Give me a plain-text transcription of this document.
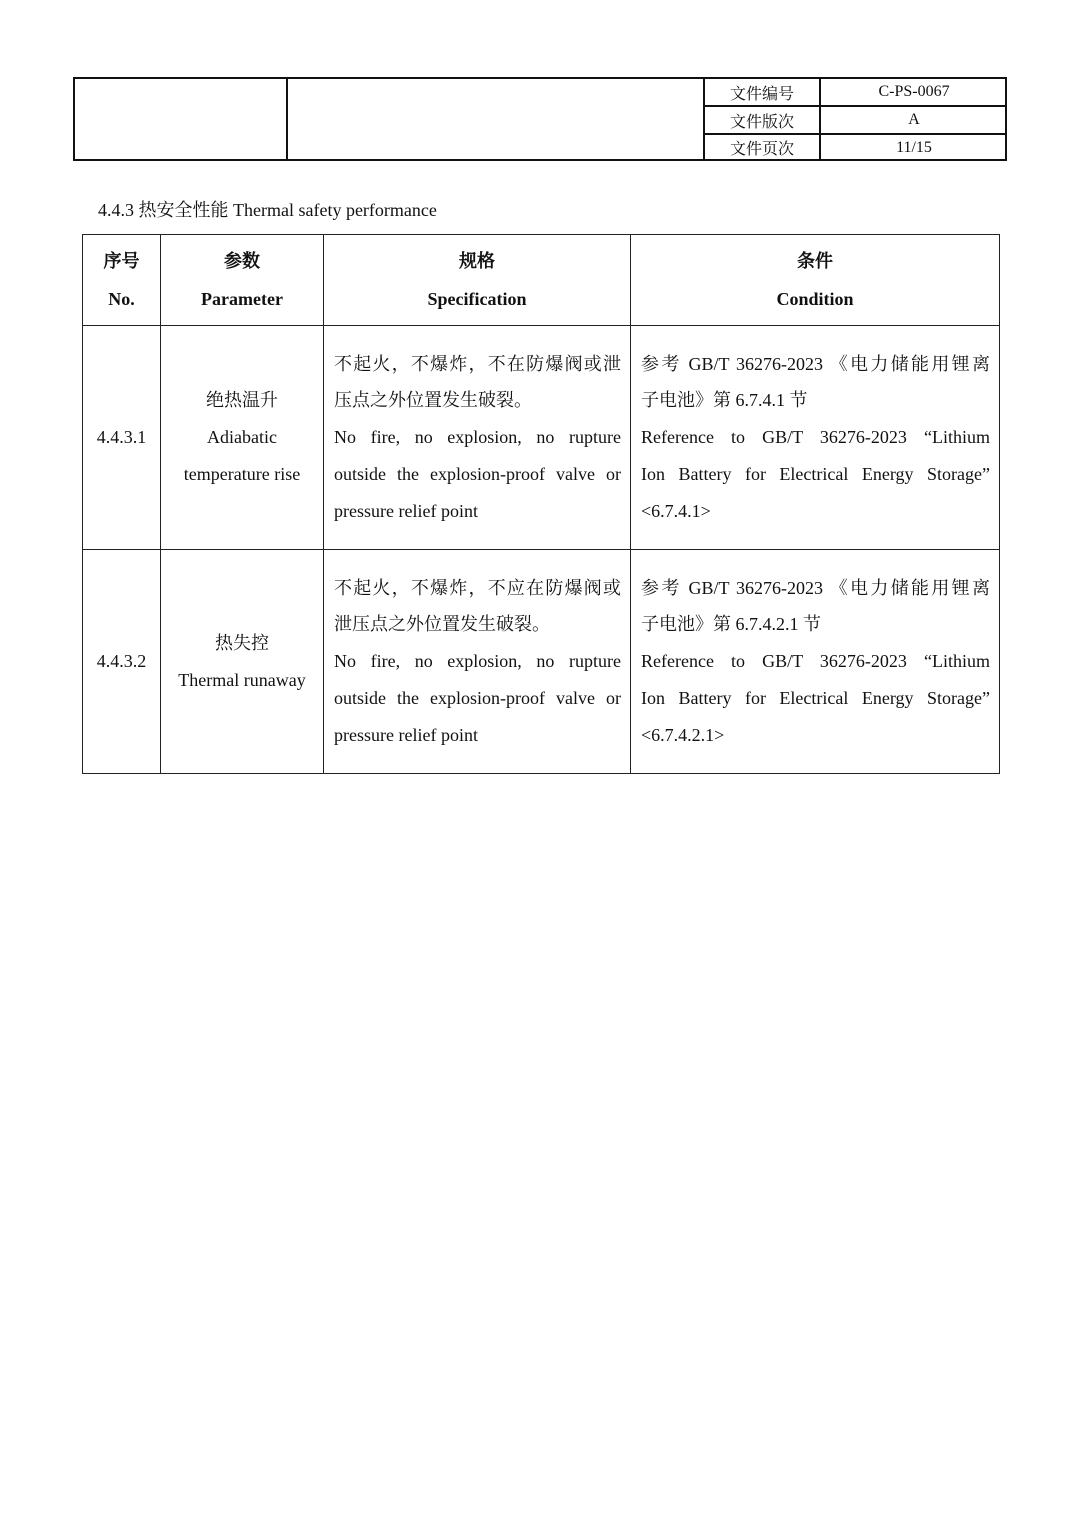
文件编号	C-PS-0067
文件版次	A
文件页次	11/15
4.4.3 热安全性能 Thermal safety performance
序号
No.	参数
Parameter	规格
Specification	条件
Condition

4.4.3.1	绝热温升
Adiabatic
temperature rise	不起火，不爆炸，不在防爆阀或泄
压点之外位置发生破裂。
No fire, no explosion, no rupture
outside the explosion-proof valve or
pressure relief point	参考 GB/T 36276-2023 《电力储能用锂离
子电池》第 6.7.4.1 节
Reference to GB/T 36276-2023 “Lithium
Ion Battery for Electrical Energy Storage”
<6.7.4.1>

4.4.3.2	热失控
Thermal runaway	不起火，不爆炸，不应在防爆阀或
泄压点之外位置发生破裂。
No fire, no explosion, no rupture
outside the explosion-proof valve or
pressure relief point	参考 GB/T 36276-2023 《电力储能用锂离
子电池》第 6.7.4.2.1 节
Reference to GB/T 36276-2023 “Lithium
Ion Battery for Electrical Energy Storage”
<6.7.4.2.1>
